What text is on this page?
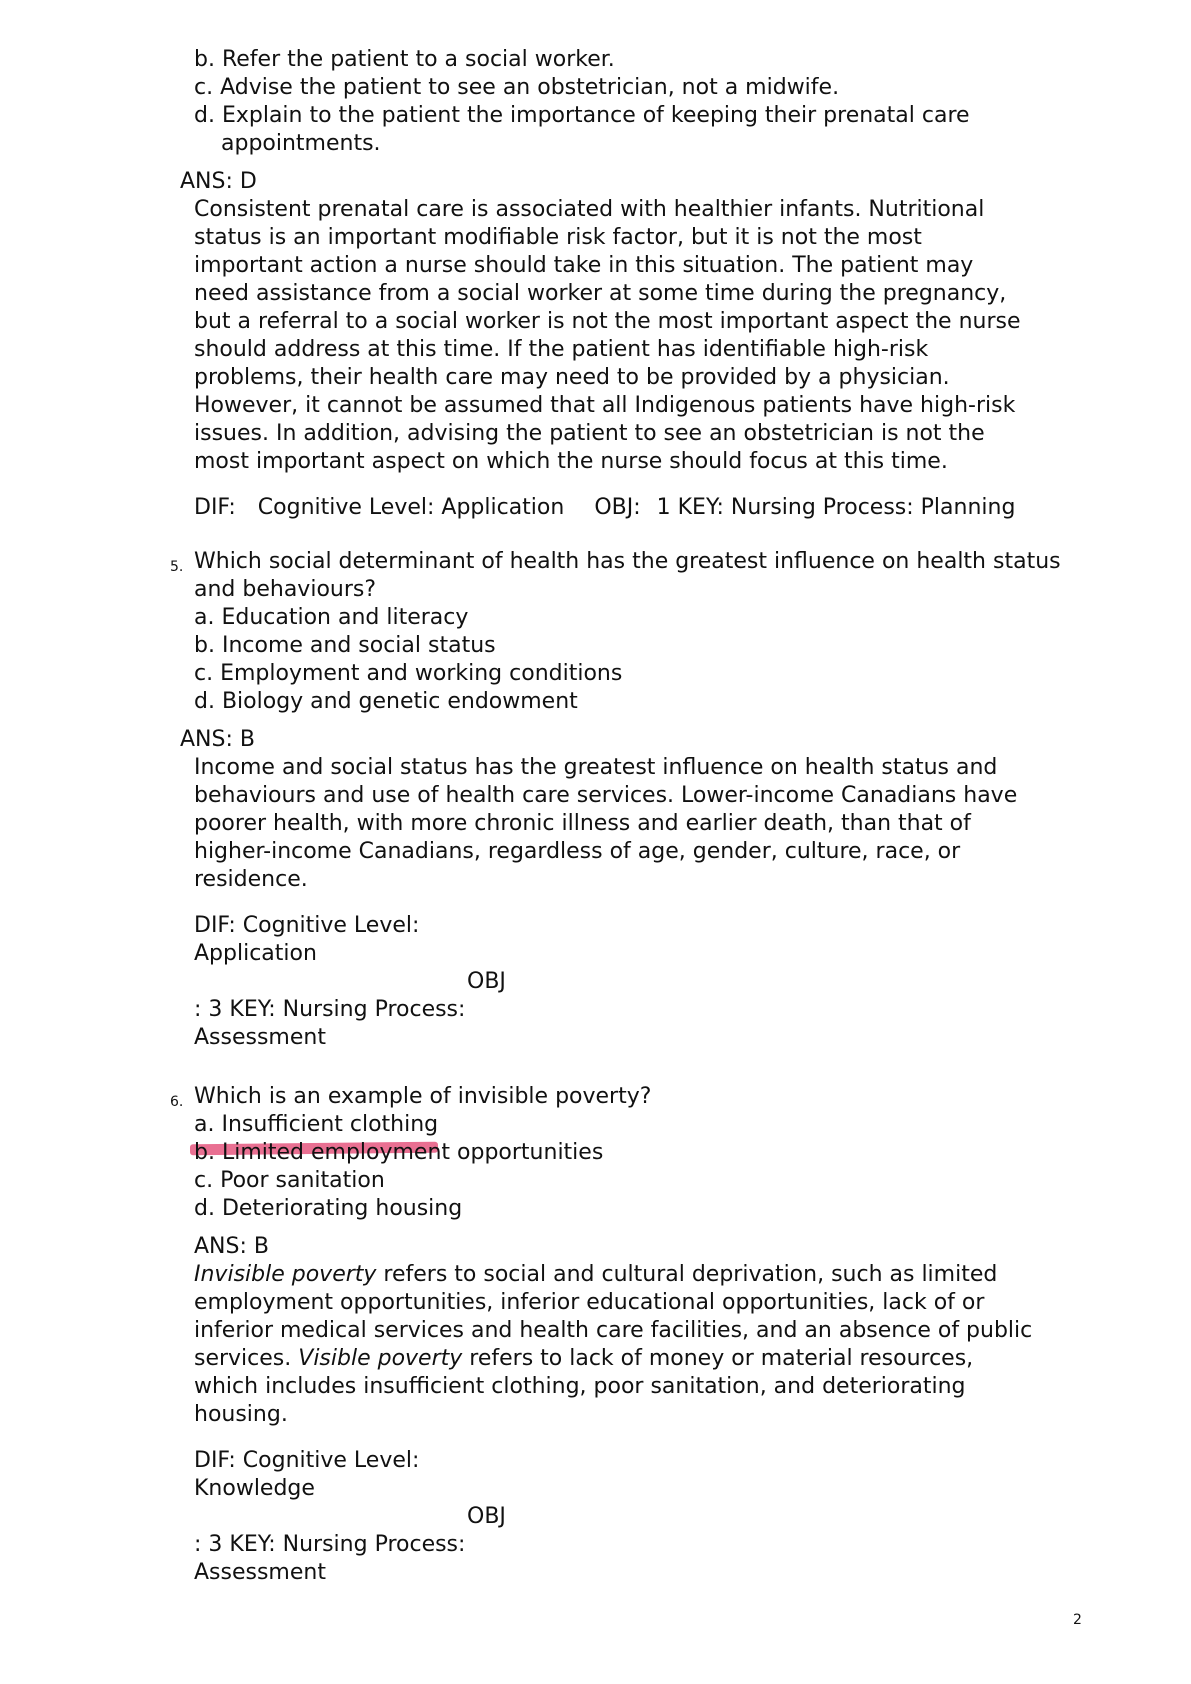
b. Refer the patient to a social worker.
c. Advise the patient to see an obstetrician, not a midwife.
d. Explain to the patient the importance of keeping their prenatal care
appointments.
ANS: D
Consistent prenatal care is associated with healthier infants. Nutritional
status is an important modifiable risk factor, but it is not the most
important action a nurse should take in this situation. The patient may
need assistance from a social worker at some time during the pregnancy,
but a referral to a social worker is not the most important aspect the nurse
should address at this time. If the patient has identifiable high-risk
problems, their health care may need to be provided by a physician.
However, it cannot be assumed that all Indigenous patients have high-risk
issues. In addition, advising the patient to see an obstetrician is not the
most important aspect on which the nurse should focus at this time.
DIF: Cognitive Level: Application OBJ: 1 KEY: Nursing Process: Planning
5. Which social determinant of health has the greatest influence on health status
and behaviours?
a. Education and literacy
b. Income and social status
c. Employment and working conditions
d. Biology and genetic endowment
ANS: B
Income and social status has the greatest influence on health status and
behaviours and use of health care services. Lower-income Canadians have
poorer health, with more chronic illness and earlier death, than that of
higher-income Canadians, regardless of age, gender, culture, race, or
residence.
DIF: Cognitive Level:
Application
OBJ
: 3 KEY: Nursing Process:
Assessment
6. Which is an example of invisible poverty?
a. Insufficient clothing
b. Limited employment opportunities
c. Poor sanitation
d. Deteriorating housing
ANS: B
Invisible poverty refers to social and cultural deprivation, such as limited
employment opportunities, inferior educational opportunities, lack of or
inferior medical services and health care facilities, and an absence of public
services. Visible poverty refers to lack of money or material resources,
which includes insufficient clothing, poor sanitation, and deteriorating
housing.
DIF: Cognitive Level:
Knowledge
OBJ
: 3 KEY: Nursing Process:
Assessment
2
